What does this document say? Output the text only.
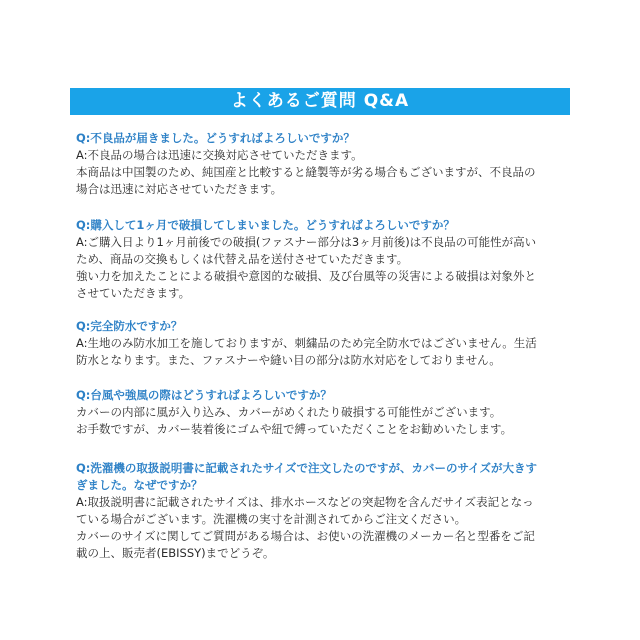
よくあるご質問 Q&A

Q:不良品が届きました。どうすればよろしいですか？

A:不良品の場合は迅速に交換対応させていただきます。

本商品は中国製のため、純国産と比較すると縫製等が劣る場合もございますが、不良品の

場合は迅速に対応させていただきます。

Q:購入して1ヶ月で破損してしまいました。どうすればよろしいですか？

A:ご購入日より1ヶ月前後での破損(ファスナー部分は3ヶ月前後)は不良品の可能性が高い

ため、商品の交換もしくは代替え品を送付させていただきます。

強い力を加えたことによる破損や意図的な破損、及び台風等の災害による破損は対象外と

させていただきます。

Q:完全防水ですか？

A:生地のみ防水加工を施しておりますが、刺繍品のため完全防水ではございません。生活

防水となります。また、ファスナーや縫い目の部分は防水対応をしておりません。

Q:台風や強風の際はどうすればよろしいですか？

カバーの内部に風が入り込み、カバーがめくれたり破損する可能性がございます。

お手数ですが、カバー装着後にゴムや紐で縛っていただくことをお勧めいたします。

Q:洗濯機の取扱説明書に記載されたサイズで注文したのですが、カバーのサイズが大きす

ぎました。なぜですか？

A:取扱説明書に記載されたサイズは、排水ホースなどの突起物を含んだサイズ表記となっ

ている場合がございます。洗濯機の実寸を計測されてからご注文ください。

カバーのサイズに関してご質問がある場合は、お使いの洗濯機のメーカー名と型番をご記

載の上、販売者(EBISSY)までどうぞ。
